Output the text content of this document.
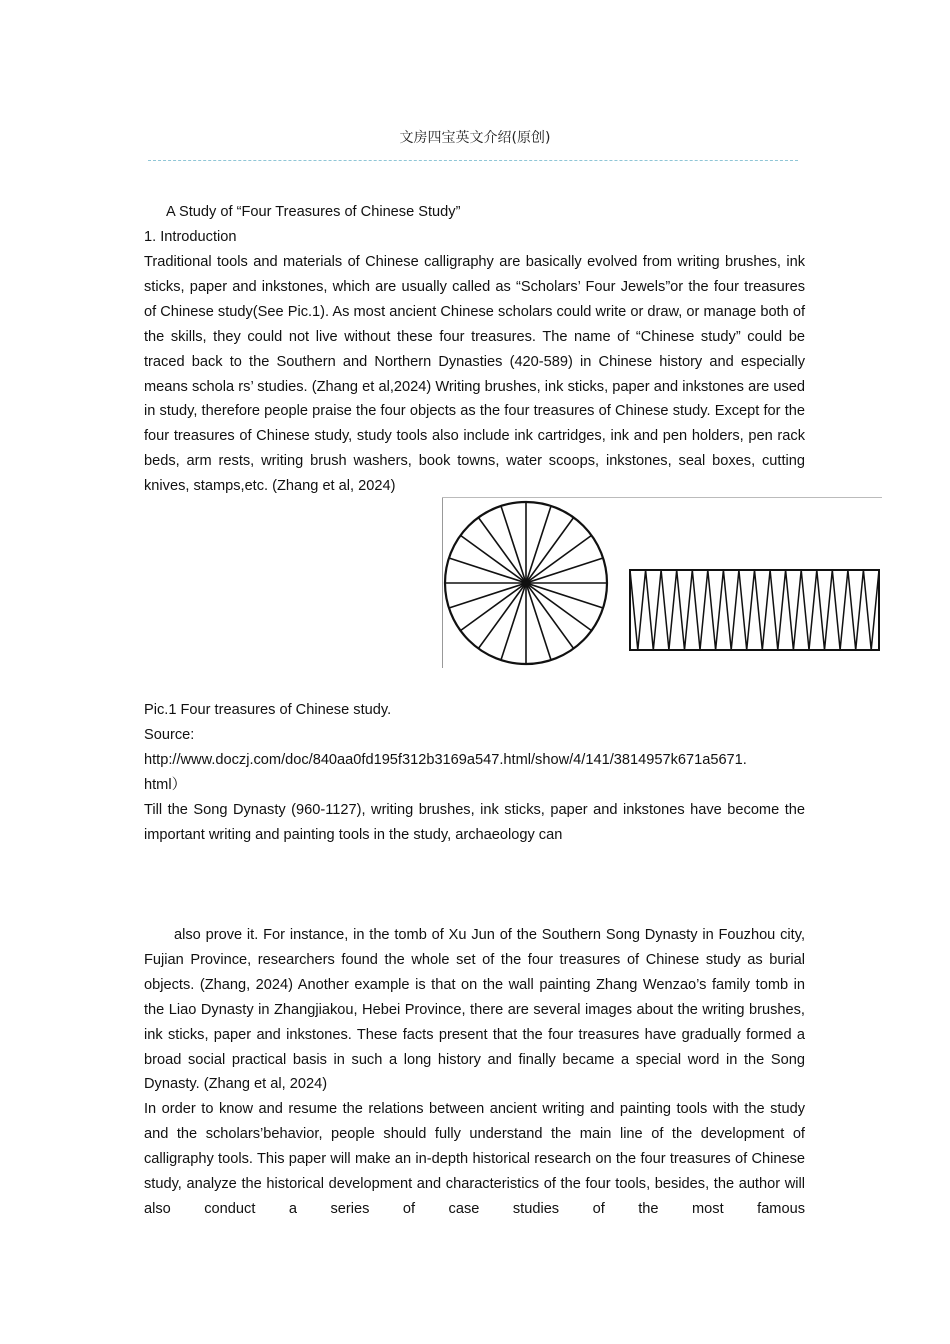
文房四宝英文介绍(原创)
A Study of “Four Treasures of Chinese Study”
1. Introduction

Traditional tools and materials of Chinese calligraphy are basically evolved from writing brushes, ink sticks, paper and inkstones, which are usually called as “Scholars’ Four Jewels”or the four treasures of Chinese study(See Pic.1). As most ancient Chinese scholars could write or draw, or manage both of the skills, they could not live without these four treasures. The name of “Chinese study” could be traced back to the Southern and Northern Dynasties (420-589) in Chinese history and especially means schola rs’ studies. (Zhang et al,2024) Writing brushes, ink sticks, paper and inkstones are used in study, therefore people praise the four objects as the four treasures of Chinese study. Except for the four treasures of Chinese study, study tools also include ink cartridges, ink and pen holders, pen rack beds, arm rests, writing brush washers, book towns, water scoops, inkstones, seal boxes, cutting knives, stamps,etc. (Zhang et al, 2024)

Pic.1 Four treasures of Chinese study.
Source:
http://www.doczj.com/doc/840aa0fd195f312b3169a547.html/show/4/141/3814957k671a5671.
html）

Till the Song Dynasty (960-1127), writing brushes, ink sticks, paper and inkstones have become the important writing and painting tools in the study, archaeology can

also prove it. For instance, in the tomb of Xu Jun of the Southern Song Dynasty in Fouzhou city, Fujian Province, researchers found the whole set of the four treasures of Chinese study as burial objects. (Zhang, 2024) Another example is that on the wall painting Zhang Wenzao’s family tomb in the Liao Dynasty in Zhangjiakou, Hebei Province, there are several images about the writing brushes, ink sticks, paper and inkstones. These facts present that the four treasures have gradually formed a broad social practical basis in such a long history and finally became a special word in the Song Dynasty. (Zhang et al, 2024)

In order to know and resume the relations between ancient writing and painting tools with the study and the scholars’behavior, people should fully understand the main line of the development of calligraphy tools. This paper will make an in-depth historical research on the four treasures of Chinese study, analyze the historical development and characteristics of the four tools, besides, the author will also conduct a series of case studies of the most famous
